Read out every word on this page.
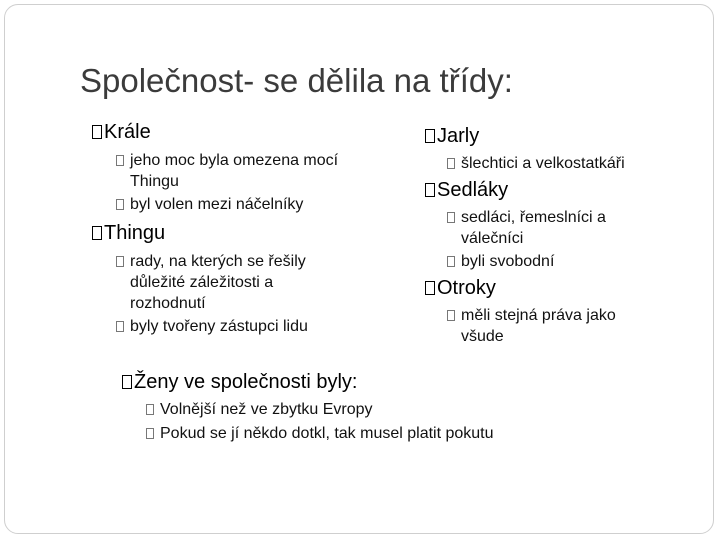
Společnost- se dělila na třídy:
Krále
jeho moc byla omezena mocí Thingu
byl volen mezi náčelníky
Thingu
rady, na kterých se řešily důležité záležitosti a rozhodnutí
byly tvořeny zástupci lidu
Jarly
šlechtici a velkostatkáři
Sedláky
sedláci, řemeslníci a válečníci
byli svobodní
Otroky
měli stejná práva jako všude
Ženy ve společnosti byly:
Volnější než ve zbytku Evropy
Pokud se jí někdo dotkl, tak musel platit pokutu
